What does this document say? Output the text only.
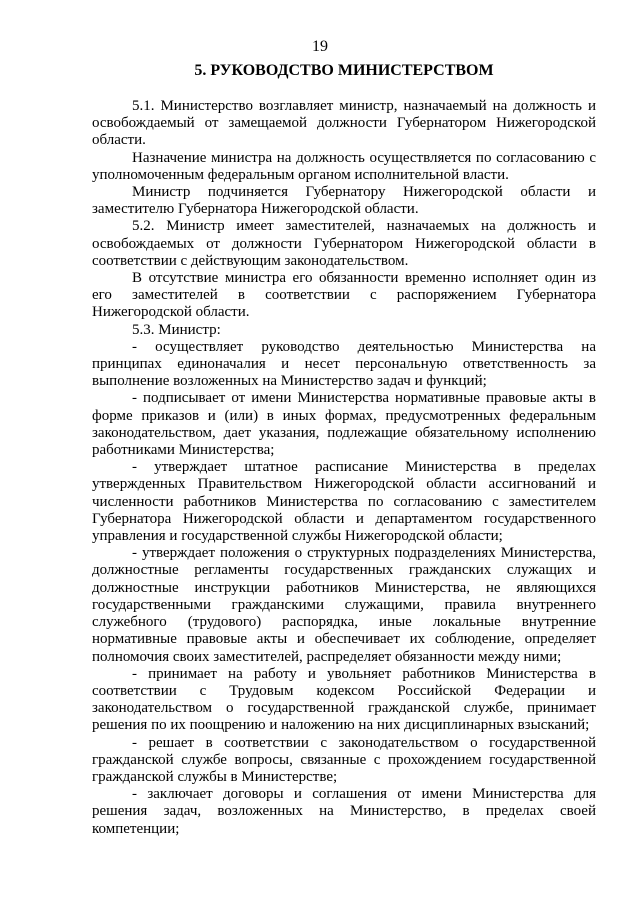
19
5. РУКОВОДСТВО МИНИСТЕРСТВОМ

5.1. Министерство возглавляет министр, назначаемый на должность и освобождаемый от замещаемой должности Губернатором Нижегородской области.

Назначение министра на должность осуществляется по согласованию с уполномоченным федеральным органом исполнительной власти.

Министр подчиняется Губернатору Нижегородской области и заместителю Губернатора Нижегородской области.

5.2. Министр имеет заместителей, назначаемых на должность и освобождаемых от должности Губернатором Нижегородской области в соответствии с действующим законодательством.

В отсутствие министра его обязанности временно исполняет один из его заместителей в соответствии с распоряжением Губернатора Нижегородской области.

5.3. Министр:

- осуществляет руководство деятельностью Министерства на принципах единоначалия и несет персональную ответственность за выполнение возложенных на Министерство задач и функций;

- подписывает от имени Министерства нормативные правовые акты в форме приказов и (или) в иных формах, предусмотренных федеральным законодательством, дает указания, подлежащие обязательному исполнению работниками Министерства;

- утверждает штатное расписание Министерства в пределах утвержденных Правительством Нижегородской области ассигнований и численности работников Министерства по согласованию с заместителем Губернатора Нижегородской области и департаментом государственного управления и государственной службы Нижегородской области;

- утверждает положения о структурных подразделениях Министерства, должностные регламенты государственных гражданских служащих и должностные инструкции работников Министерства, не являющихся государственными гражданскими служащими, правила внутреннего служебного (трудового) распорядка, иные локальные внутренние нормативные правовые акты и обеспечивает их соблюдение, определяет полномочия своих заместителей, распределяет обязанности между ними;

- принимает на работу и увольняет работников Министерства в соответствии с Трудовым кодексом Российской Федерации и законодательством о государственной гражданской службе, принимает решения по их поощрению и наложению на них дисциплинарных взысканий;

- решает в соответствии с законодательством о государственной гражданской службе вопросы, связанные с прохождением государственной гражданской службы в Министерстве;

- заключает договоры и соглашения от имени Министерства для решения задач, возложенных на Министерство, в пределах своей компетенции;
